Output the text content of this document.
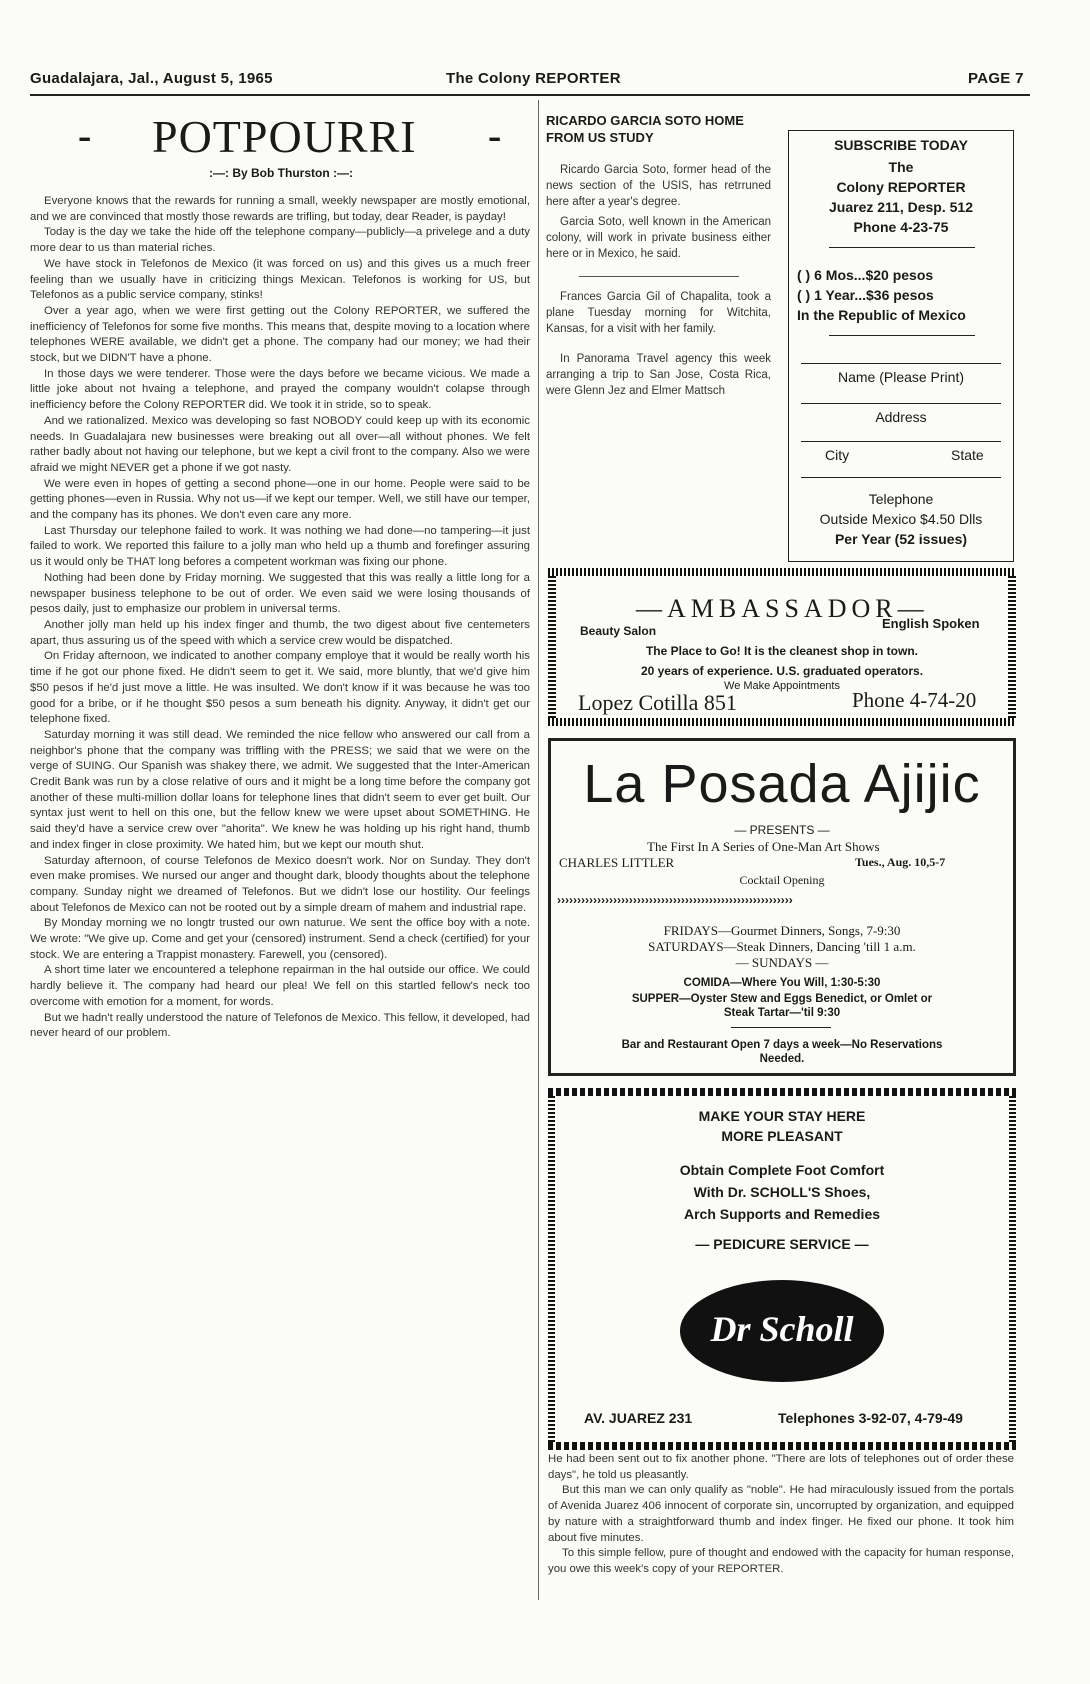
Guadalajara, Jal., August 5, 1965	The Colony REPORTER	PAGE 7
- POTPOURRI -
:—: By Bob Thurston :—:

Everyone knows that the rewards for running a small, weekly newspaper are mostly emotional, and we are convinced that mostly those rewards are trifling, but today, dear Reader, is payday!

Today is the day we take the hide off the telephone company—publicly—a privelege and a duty more dear to us than material riches.

We have stock in Telefonos de Mexico (it was forced on us) and this gives us a much freer feeling than we usually have in criticizing things Mexican. Telefonos is working for US, but Telefonos as a public service company, stinks!

Over a year ago, when we were first getting out the Colony REPORTER, we suffered the inefficiency of Telefonos for some five months. This means that, despite moving to a location where telephones WERE available, we didn't get a phone. The company had our money; we had their stock, but we DIDN'T have a phone.

In those days we were tenderer. Those were the days before we became vicious. We made a little joke about not hvaing a telephone, and prayed the company wouldn't colapse through inefficiency before the Colony REPORTER did. We took it in stride, so to speak.

And we rationalized. Mexico was developing so fast NOBODY could keep up with its economic needs. In Guadalajara new businesses were breaking out all over—all without phones. We felt rather badly about not having our telephone, but we kept a civil front to the company. Also we were afraid we might NEVER get a phone if we got nasty.

We were even in hopes of getting a second phone—one in our home. People were said to be getting phones—even in Russia. Why not us—if we kept our temper. Well, we still have our temper, and the company has its phones. We don't even care any more.

Last Thursday our telephone failed to work. It was nothing we had done—no tampering—it just failed to work. We reported this failure to a jolly man who held up a thumb and forefinger assuring us it would only be THAT long befores a competent workman was fixing our phone.

Nothing had been done by Friday morning. We suggested that this was really a little long for a newspaper business telephone to be out of order. We even said we were losing thousands of pesos daily, just to emphasize our problem in universal terms.

Another jolly man held up his index finger and thumb, the two digest about five centemeters apart, thus assuring us of the speed with which a service crew would be dispatched.

On Friday afternoon, we indicated to another company employe that it would be really worth his time if he got our phone fixed. He didn't seem to get it. We said, more bluntly, that we'd give him $50 pesos if he'd just move a little. He was insulted. We don't know if it was because he was too good for a bribe, or if he thought $50 pesos a sum beneath his dignity. Anyway, it didn't get our telephone fixed.

Saturday morning it was still dead. We reminded the nice fellow who answered our call from a neighbor's phone that the company was triffling with the PRESS; we said that we were on the verge of SUING. Our Spanish was shakey there, we admit. We suggested that the Inter-American Credit Bank was run by a close relative of ours and it might be a long time before the company got another of these multi-million dollar loans for telephone lines that didn't seem to ever get built. Our syntax just went to hell on this one, but the fellow knew we were upset about SOMETHING. He said they'd have a service crew over "ahorita". We knew he was holding up his right hand, thumb and index finger in close proximity. We hated him, but we kept our mouth shut.

Saturday afternoon, of course Telefonos de Mexico doesn't work. Nor on Sunday. They don't even make promises. We nursed our anger and thought dark, bloody thoughts about the telephone company. Sunday night we dreamed of Telefonos. But we didn't lose our hostility. Our feelings about Telefonos de Mexico can not be rooted out by a simple dream of mahem and industrial rape.

By Monday morning we no longtr trusted our own naturue. We sent the office boy with a note. We wrote: "We give up. Come and get your (censored) instrument. Send a check (certified) for your stock. We are entering a Trappist monastery. Farewell, you (censored).

A short time later we encountered a telephone repairman in the hal outside our office. We could hardly believe it. The company had heard our plea! We fell on this startled fellow's neck too overcome with emotion for a moment, for words.

But we hadn't really understood the nature of Telefonos de Mexico. This fellow, it developed, had never heard of our problem.

RICARDO GARCIA SOTO HOME FROM US STUDY

Ricardo Garcia Soto, former head of the news section of the USIS, has retrruned here after a year's degree.

Garcia Soto, well known in the American colony, will work in private business either here or in Mexico, he said.

Frances Garcia Gil of Chapalita, took a plane Tuesday morning for Witchita, Kansas, for a visit with her family.

In Panorama Travel agency this week arranging a trip to San Jose, Costa Rica, were Glenn Jez and Elmer Mattsch

SUBSCRIBE TODAY
The
Colony REPORTER
Juarez 211, Desp. 512
Phone 4-23-75
( ) 6 Mos...$20 pesos
( ) 1 Year...$36 pesos
In the Republic of Mexico
Name (Please Print)
Address
City	State
Telephone
Outside Mexico $4.50 Dlls
Per Year (52 issues)
—AMBASSADOR—
Beauty Salon	English Spoken
The Place to Go! It is the cleanest shop in town.
20 years of experience. U.S. graduated operators.
We Make Appointments
Lopez Cotilla 851	Phone 4-74-20
La Posada Ajijic
— PRESENTS —
The First In A Series of One-Man Art Shows
CHARLES LITTLER	Tues., Aug. 10,5-7
Cocktail Opening
›››››››››››››››››››››››››››››››››››››››››››››››››››››››››››
FRIDAYS—Gourmet Dinners, Songs, 7-9:30
SATURDAYS—Steak Dinners, Dancing 'till 1 a.m.
— SUNDAYS —
COMIDA—Where You Will, 1:30-5:30
SUPPER—Oyster Stew and Eggs Benedict, or Omlet or
Steak Tartar—'til 9:30
Bar and Restaurant Open 7 days a week—No Reservations
Needed.
MAKE YOUR STAY HERE
MORE PLEASANT
Obtain Complete Foot Comfort
With Dr. SCHOLL'S Shoes,
Arch Supports and Remedies
— PEDICURE SERVICE —
Dr Scholl
AV. JUAREZ 231	Telephones 3-92-07, 4-79-49

He had been sent out to fix another phone. "There are lots of telephones out of order these days", he told us pleasantly.

But this man we can only qualify as "noble". He had miraculously issued from the portals of Avenida Juarez 406 innocent of corporate sin, uncorrupted by organization, and equipped by nature with a straightforward thumb and index finger. He fixed our phone. It took him about five minutes.

To this simple fellow, pure of thought and endowed with the capacity for human response, you owe this week's copy of your REPORTER.
